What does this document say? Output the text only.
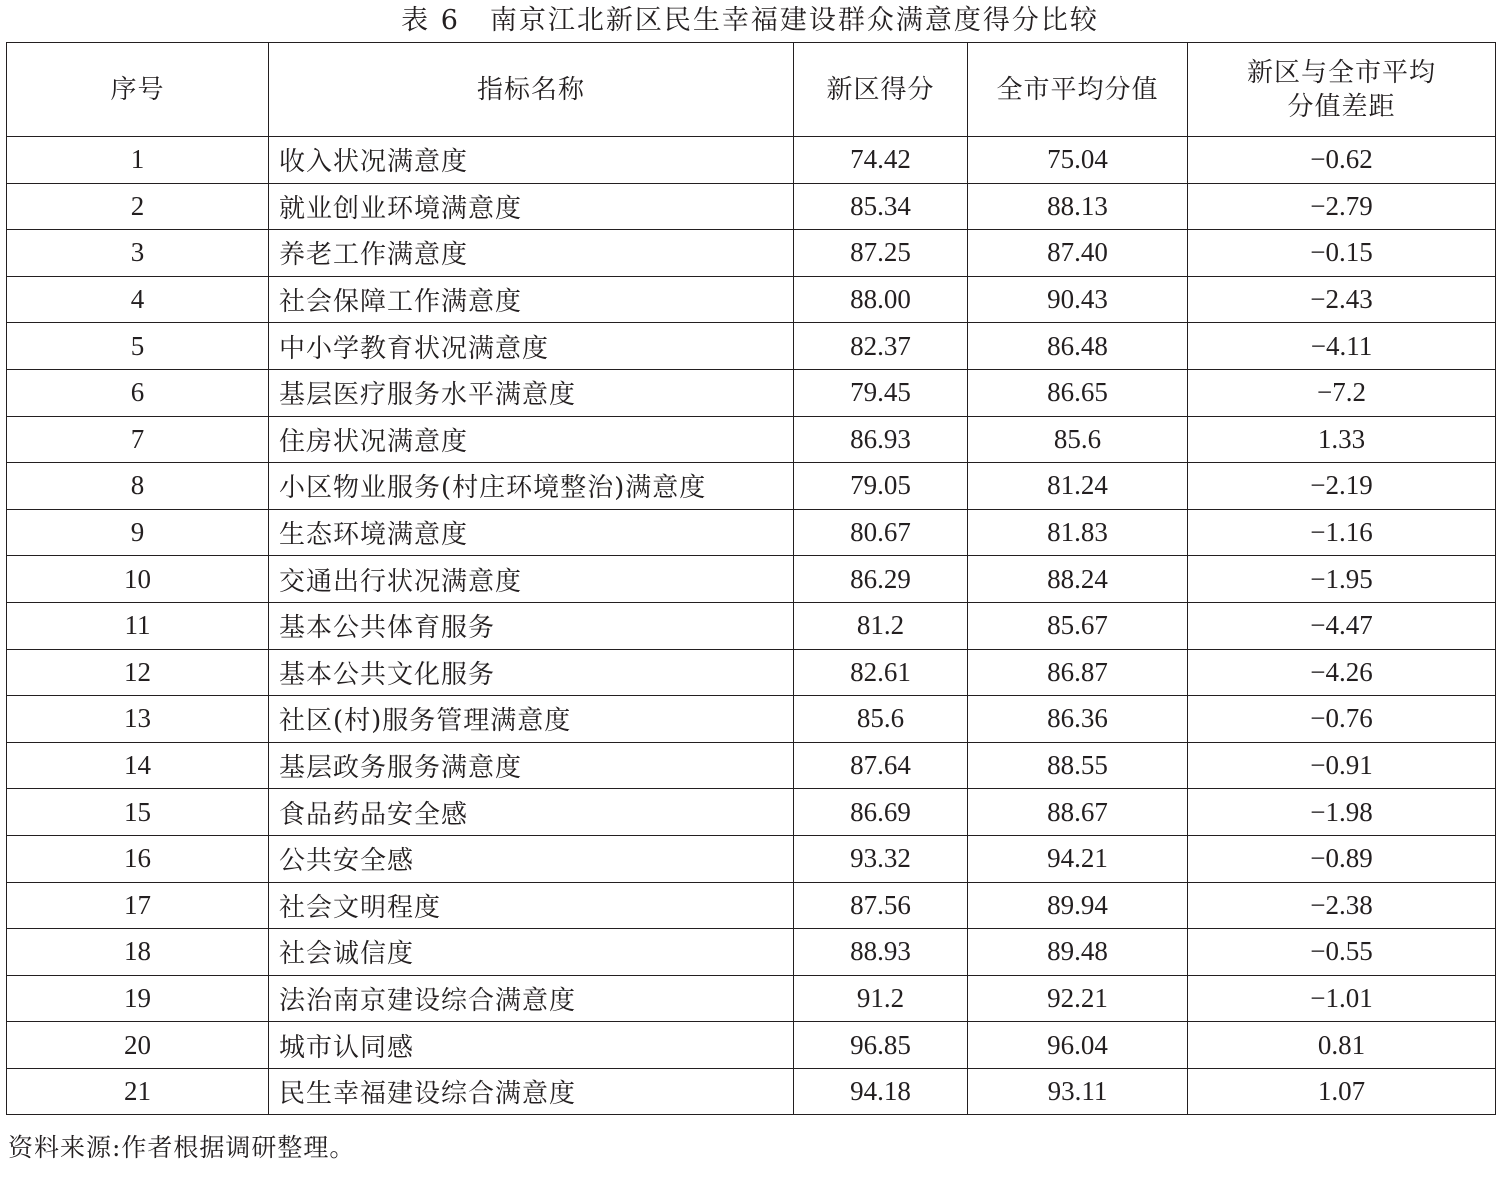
表 6 南京江北新区民生幸福建设群众满意度得分比较
序号	指标名称	新区得分	全市平均分值	新区与全市平均
分值差距

1	收入状况满意度	74.42	75.04	−0.62
2	就业创业环境满意度	85.34	88.13	−2.79
3	养老工作满意度	87.25	87.40	−0.15
4	社会保障工作满意度	88.00	90.43	−2.43
5	中小学教育状况满意度	82.37	86.48	−4.11
6	基层医疗服务水平满意度	79.45	86.65	−7.2
7	住房状况满意度	86.93	85.6	1.33
8	小区物业服务(村庄环境整治)满意度	79.05	81.24	−2.19
9	生态环境满意度	80.67	81.83	−1.16
10	交通出行状况满意度	86.29	88.24	−1.95
11	基本公共体育服务	81.2	85.67	−4.47
12	基本公共文化服务	82.61	86.87	−4.26
13	社区(村)服务管理满意度	85.6	86.36	−0.76
14	基层政务服务满意度	87.64	88.55	−0.91
15	食品药品安全感	86.69	88.67	−1.98
16	公共安全感	93.32	94.21	−0.89
17	社会文明程度	87.56	89.94	−2.38
18	社会诚信度	88.93	89.48	−0.55
19	法治南京建设综合满意度	91.2	92.21	−1.01
20	城市认同感	96.85	96.04	0.81
21	民生幸福建设综合满意度	94.18	93.11	1.07
资料来源:作者根据调研整理。
